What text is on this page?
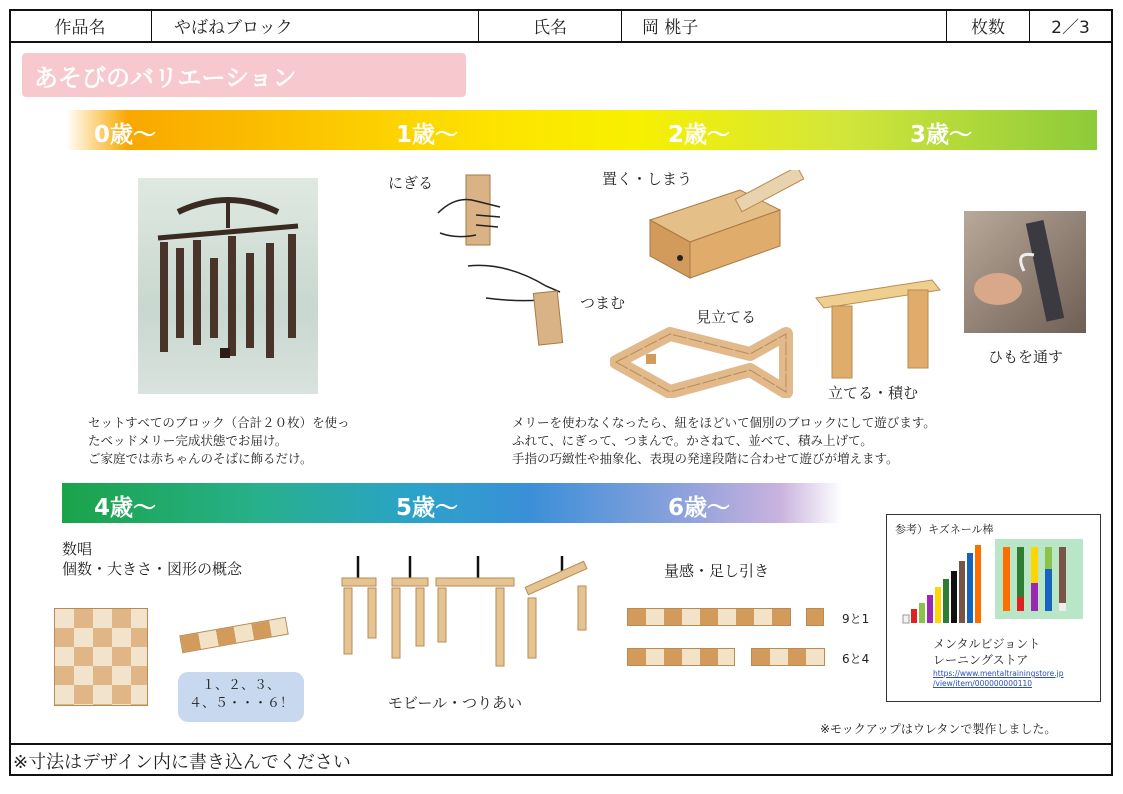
作品名	やばねブロック	氏名	岡 桃子	枚数	2／3
あそびのバリエーション
0歳～	1歳～	2歳～	3歳～
にぎる
つまむ
置く・しまう
見立てる
立てる・積む
ひもを通す
セットすべてのブロック（合計２０枚）を使っ
たベッドメリー完成状態でお届け。
ご家庭では赤ちゃんのそばに飾るだけ。
メリーを使わなくなったら、紐をほどいて個別のブロックにして遊びます。
ふれて、にぎって、つまんで。かさねて、並べて、積み上げて。
手指の巧緻性や抽象化、表現の発達段階に合わせて遊びが増えます。
4歳～	5歳～	6歳～
数唱
個数・大きさ・図形の概念
１、２、３、
４、５・・・６！	モビール・つりあい
量感・足し引き
9と1
6と4
参考）キズネール棒
メンタルビジョント
レーニングストア
https://www.mentaltrainingstore.jp
/view/item/000000000110
※モックアップはウレタンで製作しました。
※寸法はデザイン内に書き込んでください
